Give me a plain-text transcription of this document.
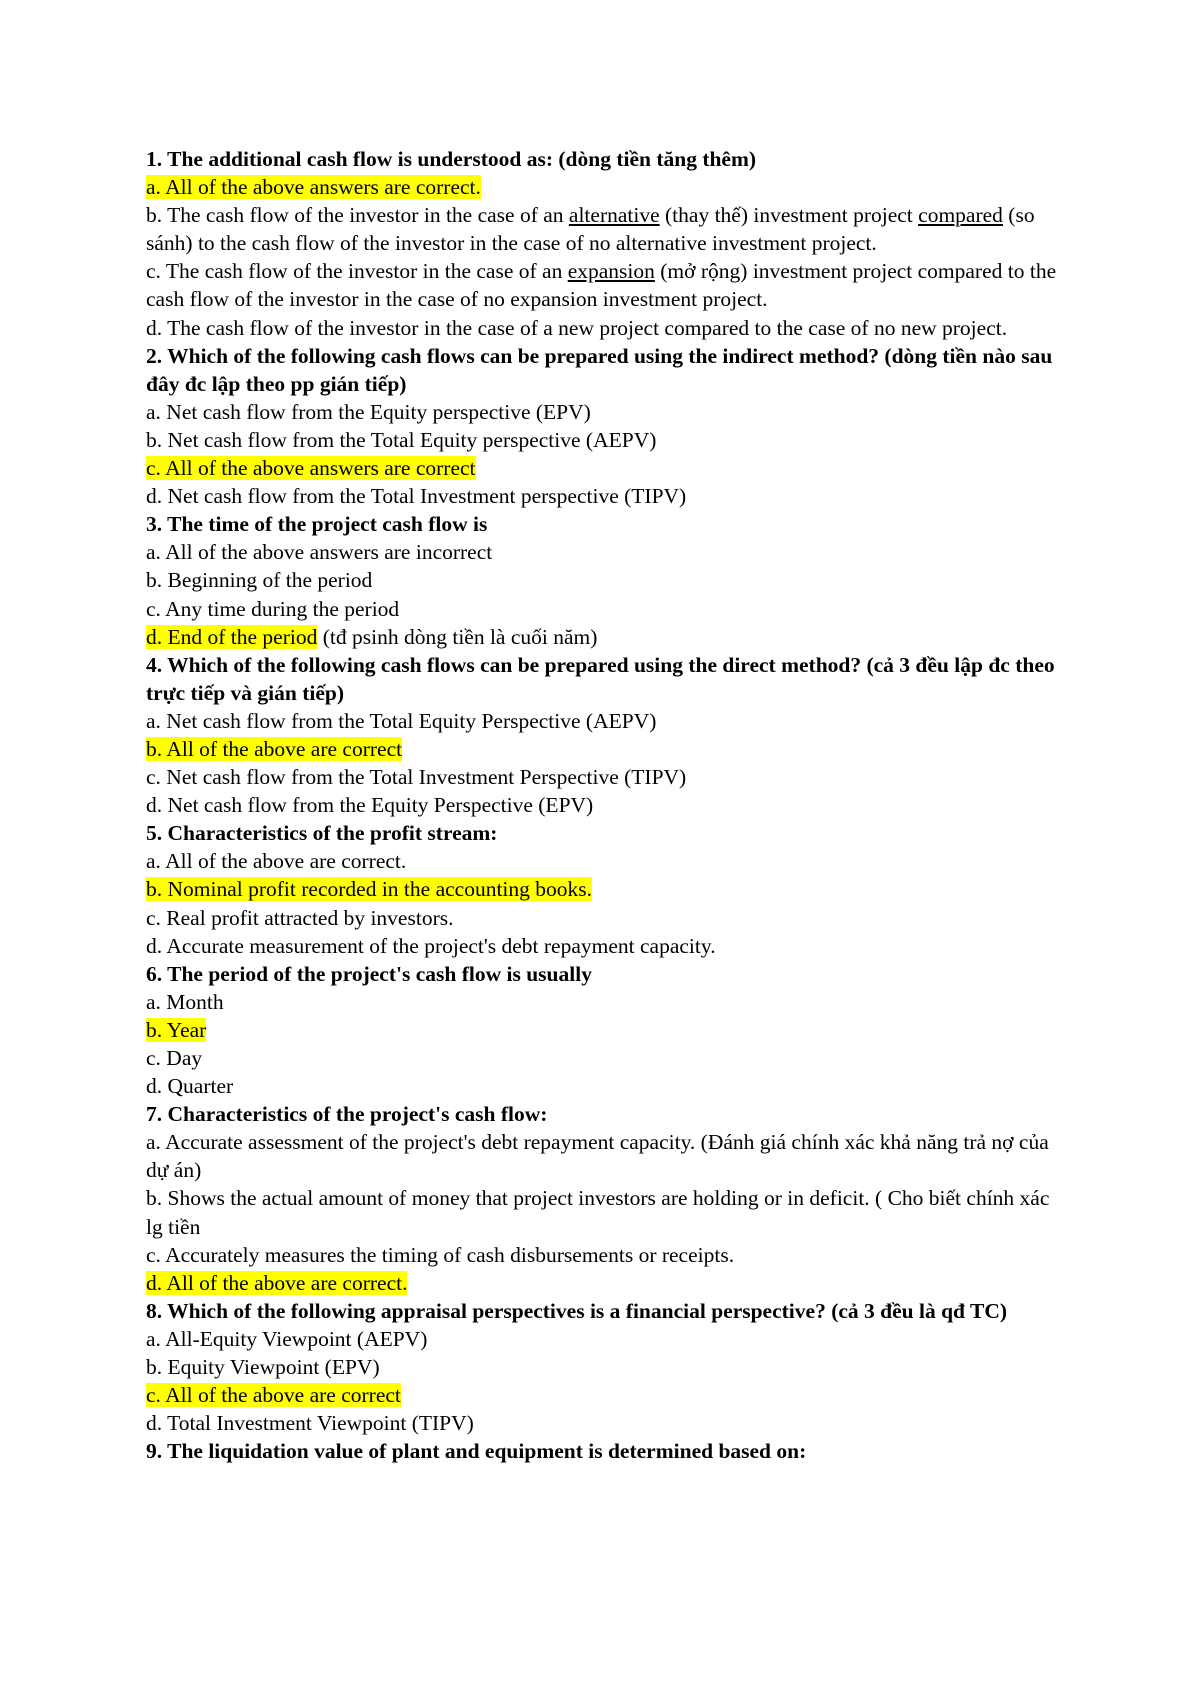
1. The additional cash flow is understood as: (dòng tiền tăng thêm)
a. All of the above answers are correct.
b. The cash flow of the investor in the case of an alternative (thay thế) investment project compared (so sánh) to the cash flow of the investor in the case of no alternative investment project.
c. The cash flow of the investor in the case of an expansion (mở rộng) investment project compared to the cash flow of the investor in the case of no expansion investment project.
d. The cash flow of the investor in the case of a new project compared to the case of no new project.
2. Which of the following cash flows can be prepared using the indirect method? (dòng tiền nào sau đây đc lập theo pp gián tiếp)
a. Net cash flow from the Equity perspective (EPV)
b. Net cash flow from the Total Equity perspective (AEPV)
c. All of the above answers are correct
d. Net cash flow from the Total Investment perspective (TIPV)
3. The time of the project cash flow is
a. All of the above answers are incorrect
b. Beginning of the period
c. Any time during the period
d. End of the period (tđ psinh dòng tiền là cuối năm)
4. Which of the following cash flows can be prepared using the direct method? (cả 3 đều lập đc theo trực tiếp và gián tiếp)
a. Net cash flow from the Total Equity Perspective (AEPV)
b. All of the above are correct
c. Net cash flow from the Total Investment Perspective (TIPV)
d. Net cash flow from the Equity Perspective (EPV)
5. Characteristics of the profit stream:
a. All of the above are correct.
b. Nominal profit recorded in the accounting books.
c. Real profit attracted by investors.
d. Accurate measurement of the project's debt repayment capacity.
6. The period of the project's cash flow is usually
a. Month
b. Year
c. Day
d. Quarter
7. Characteristics of the project's cash flow:
a. Accurate assessment of the project's debt repayment capacity. (Đánh giá chính xác khả năng trả nợ của dự án)
b. Shows the actual amount of money that project investors are holding or in deficit. ( Cho biết chính xác lg tiền
c. Accurately measures the timing of cash disbursements or receipts.
d. All of the above are correct.
8. Which of the following appraisal perspectives is a financial perspective? (cả 3 đều là qđ TC)
a. All-Equity Viewpoint (AEPV)
b. Equity Viewpoint (EPV)
c. All of the above are correct
d. Total Investment Viewpoint (TIPV)
9. The liquidation value of plant and equipment is determined based on:
